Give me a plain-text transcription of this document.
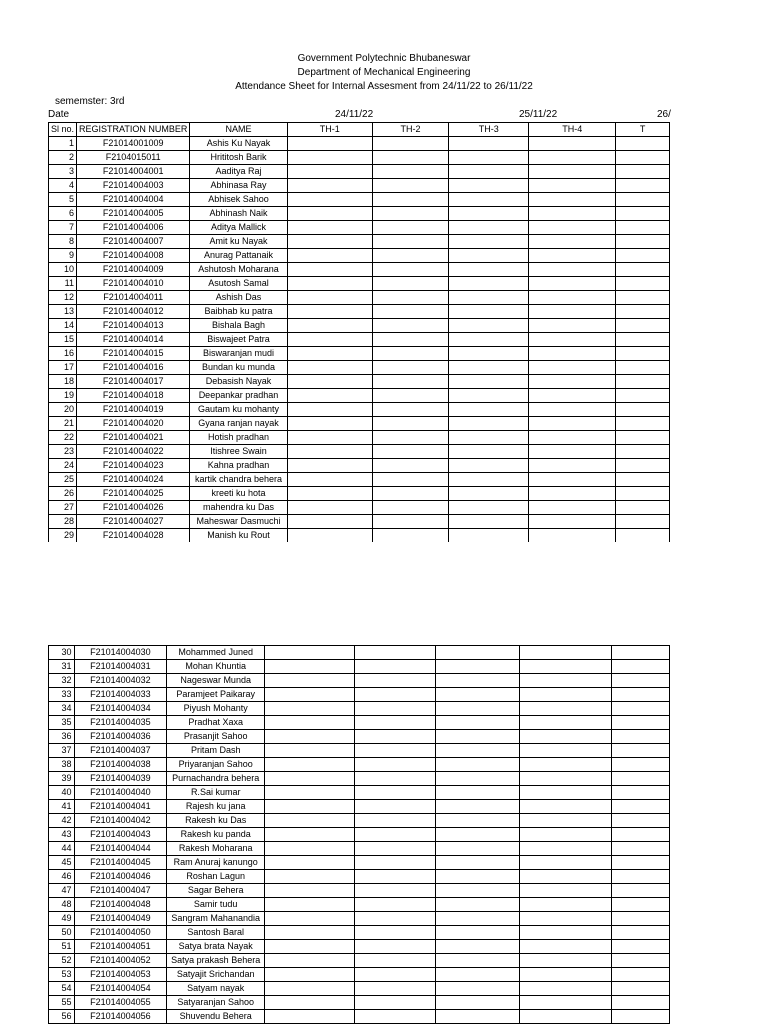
Government Polytechnic Bhubaneswar
Department of Mechanical Engineering
Attendance Sheet for Internal Assesment from 24/11/22 to 26/11/22
sememster: 3rd
Date	24/11/22	25/11/22	26/
Sl no.	REGISTRATION NUMBER	NAME	TH-1	TH-2	TH-3	TH-4	T
1	F21014001009	Ashis Ku Nayak					
2	F2104015011	Hrititosh Barik					
3	F21014004001	Aaditya Raj					
4	F21014004003	Abhinasa Ray					
5	F21014004004	Abhisek Sahoo					
6	F21014004005	Abhinash Naik					
7	F21014004006	Aditya Mallick					
8	F21014004007	Amit ku Nayak					
9	F21014004008	Anurag Pattanaik					
10	F21014004009	Ashutosh Moharana					
11	F21014004010	Asutosh Samal					
12	F21014004011	Ashish Das					
13	F21014004012	Baibhab ku patra					
14	F21014004013	Bishala Bagh					
15	F21014004014	Biswajeet Patra					
16	F21014004015	Biswaranjan mudi					
17	F21014004016	Bundan ku munda					
18	F21014004017	Debasish Nayak					
19	F21014004018	Deepankar pradhan					
20	F21014004019	Gautam ku mohanty					
21	F21014004020	Gyana ranjan nayak					
22	F21014004021	Hotish pradhan					
23	F21014004022	Itishree Swain					
24	F21014004023	Kahna pradhan					
25	F21014004024	kartik chandra behera					
26	F21014004025	kreeti ku hota					
27	F21014004026	mahendra ku Das					
28	F21014004027	Maheswar Dasmuchi					
29	F21014004028	Manish ku Rout					
30	F21014004030	Mohammed Juned					
31	F21014004031	Mohan Khuntia					
32	F21014004032	Nageswar Munda					
33	F21014004033	Paramjeet Paikaray					
34	F21014004034	Piyush Mohanty					
35	F21014004035	Pradhat Xaxa					
36	F21014004036	Prasanjit Sahoo					
37	F21014004037	Pritam Dash					
38	F21014004038	Priyaranjan Sahoo					
39	F21014004039	Purnachandra behera					
40	F21014004040	R.Sai kumar					
41	F21014004041	Rajesh ku jana					
42	F21014004042	Rakesh ku Das					
43	F21014004043	Rakesh ku panda					
44	F21014004044	Rakesh Moharana					
45	F21014004045	Ram Anuraj kanungo					
46	F21014004046	Roshan Lagun					
47	F21014004047	Sagar Behera					
48	F21014004048	Samir tudu					
49	F21014004049	Sangram Mahanandia					
50	F21014004050	Santosh Baral					
51	F21014004051	Satya brata Nayak					
52	F21014004052	Satya prakash Behera					
53	F21014004053	Satyajit Srichandan					
54	F21014004054	Satyam nayak					
55	F21014004055	Satyaranjan Sahoo					
56	F21014004056	Shuvendu Behera					
